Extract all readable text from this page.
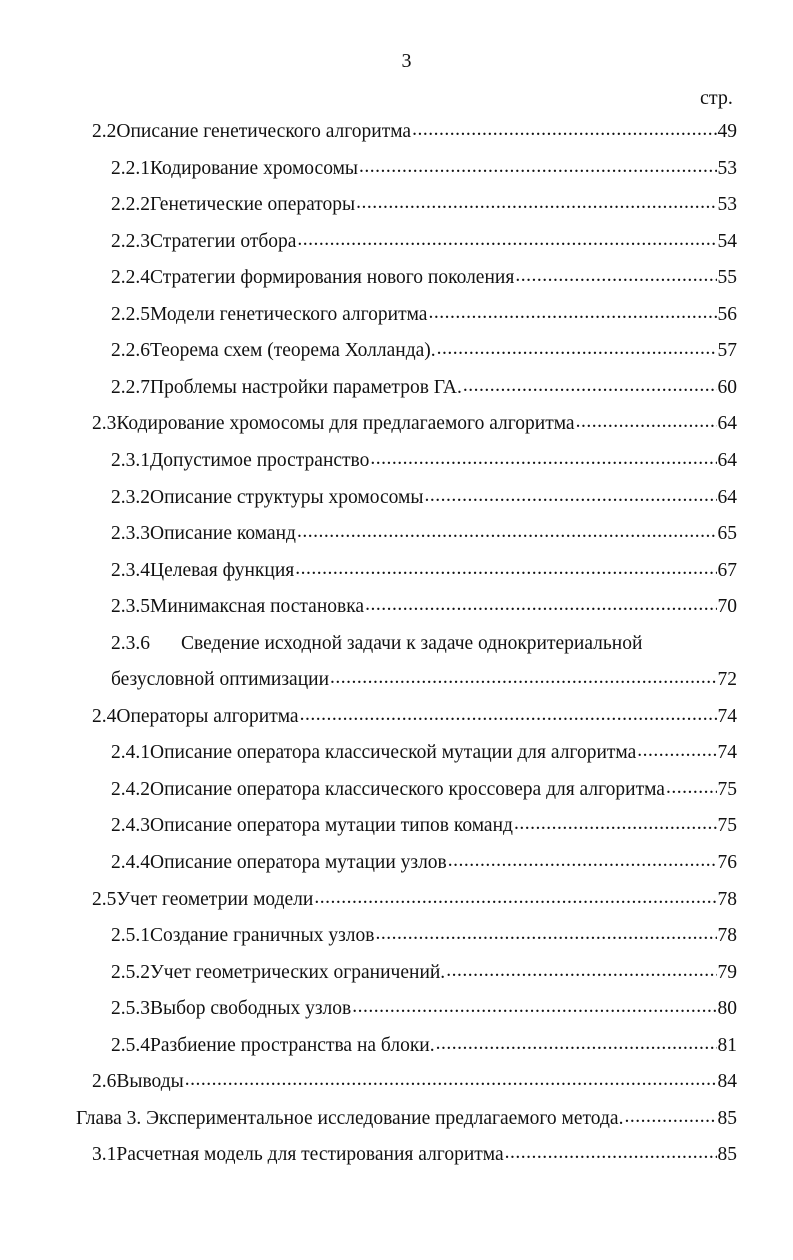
3
стр.
2.2 Описание генетического алгоритма .....	49
2.2.1 Кодирование хромосомы .....	53
2.2.2 Генетические операторы .....	53
2.2.3 Стратегии отбора .....	54
2.2.4 Стратегии формирования нового поколения .....	55
2.2.5 Модели генетического алгоритма .....	56
2.2.6 Теорема схем (теорема Холланда). .....	57
2.2.7 Проблемы настройки параметров ГА. .....	60
2.3 Кодирование хромосомы для предлагаемого алгоритма .....	64
2.3.1 Допустимое пространство .....	64
2.3.2 Описание структуры хромосомы .....	64
2.3.3 Описание команд .....	65
2.3.4 Целевая функция .....	67
2.3.5 Минимаксная постановка .....	70
2.3.6	Сведение исходной задачи к задаче однокритериальной
безусловной оптимизации .....	72
2.4 Операторы алгоритма .....	74
2.4.1 Описание оператора классической мутации для алгоритма .....	74
2.4.2 Описание оператора классического кроссовера для алгоритма .....	75
2.4.3 Описание оператора мутации типов команд .....	75
2.4.4 Описание оператора мутации узлов .....	76
2.5 Учет геометрии модели .....	78
2.5.1 Создание граничных узлов .....	78
2.5.2 Учет геометрических ограничений. .....	79
2.5.3 Выбор свободных узлов .....	80
2.5.4 Разбиение пространства на блоки. .....	81
2.6 Выводы .....	84
Глава 3. Экспериментальное исследование предлагаемого метода. .....	85
3.1 Расчетная модель для тестирования алгоритма .....	85
